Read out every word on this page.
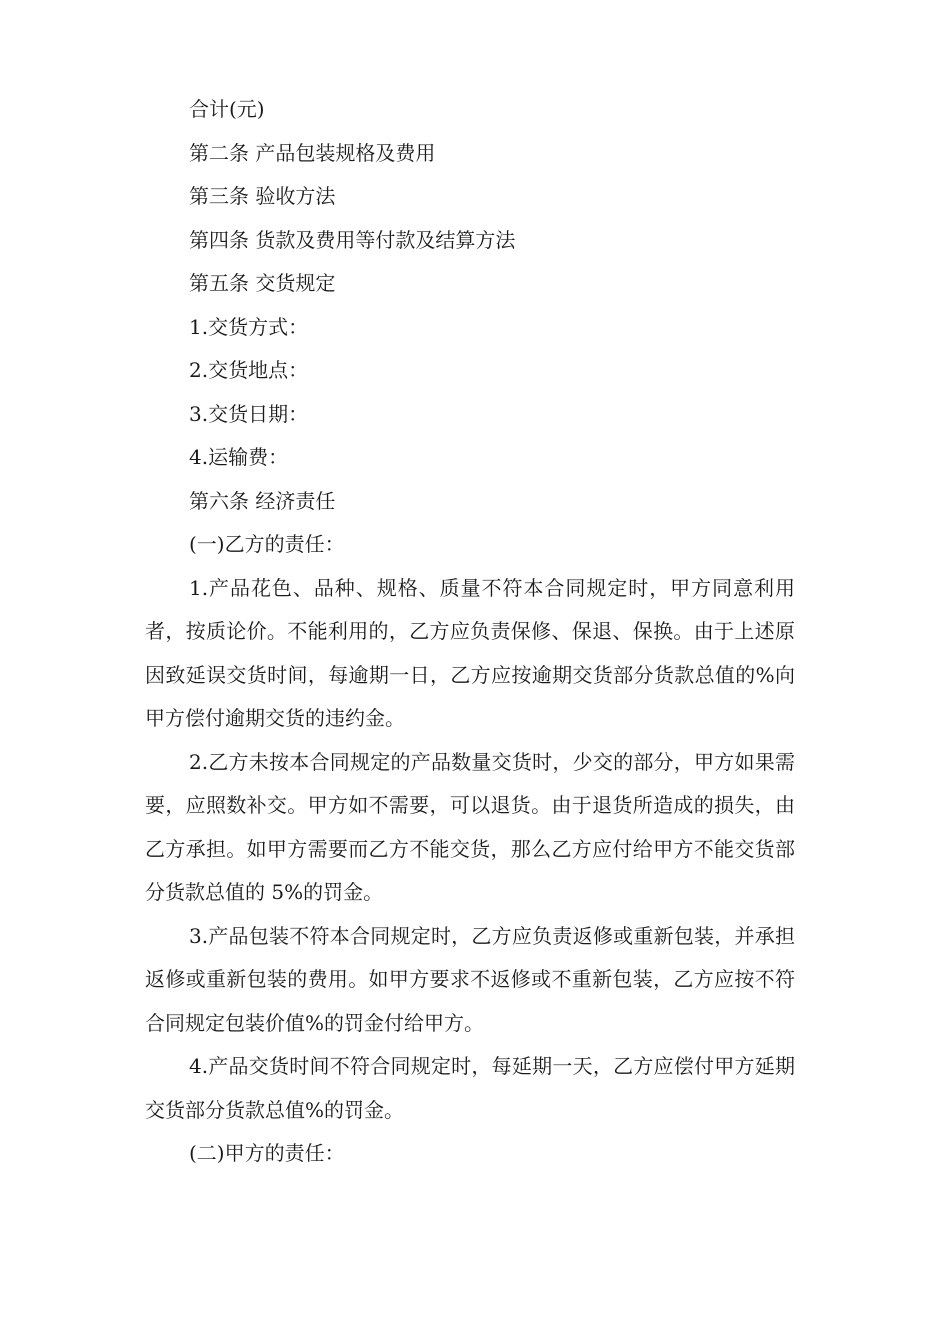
合计(元)

第二条 产品包装规格及费用

第三条 验收方法

第四条 货款及费用等付款及结算方法

第五条 交货规定

1.交货方式：

2.交货地点：

3.交货日期：

4.运输费：

第六条 经济责任

(一)乙方的责任：

1.产品花色、品种、规格、质量不符本合同规定时，甲方同意利用者，按质论价。不能利用的，乙方应负责保修、保退、保换。由于上述原因致延误交货时间，每逾期一日，乙方应按逾期交货部分货款总值的%向甲方偿付逾期交货的违约金。

2.乙方未按本合同规定的产品数量交货时，少交的部分，甲方如果需要，应照数补交。甲方如不需要，可以退货。由于退货所造成的损失，由乙方承担。如甲方需要而乙方不能交货，那么乙方应付给甲方不能交货部分货款总值的 5%的罚金。

3.产品包装不符本合同规定时，乙方应负责返修或重新包装，并承担返修或重新包装的费用。如甲方要求不返修或不重新包装，乙方应按不符合同规定包装价值%的罚金付给甲方。

4.产品交货时间不符合同规定时，每延期一天，乙方应偿付甲方延期交货部分货款总值%的罚金。

(二)甲方的责任：
